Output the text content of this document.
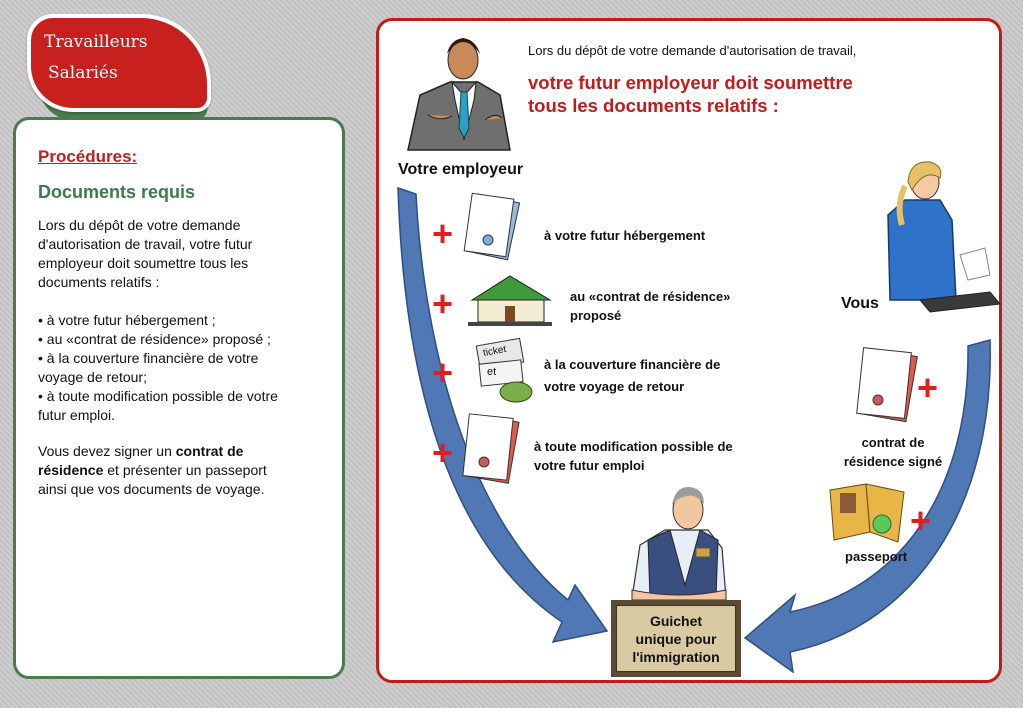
Travailleurs
Salariés
Procédures:
Documents requis
Lors du dépôt de votre demande
d'autorisation de travail, votre futur
employeur doit soumettre tous les
documents relatifs :
• à votre futur hébergement ;
• au «contrat de résidence» proposé ;
• à la couverture financière de votre
voyage de retour;
• à toute modification possible de votre
futur emploi.
Vous devez signer un contrat de
résidence et présenter un passeport
ainsi que vos documents de voyage.
Lors du dépôt de votre demande d'autorisation de travail,
votre futur employeur doit soumettre
tous les documents relatifs :
Votre employeur
Vous
ticket
et
+
+
+
+
+
+
à votre futur hébergement
au «contrat de résidence»
proposé
à la couverture financière de
votre voyage de retour
à toute modification possible de
votre futur emploi
contrat de
résidence signé
passeport
Guichet
unique pour
l'immigration
